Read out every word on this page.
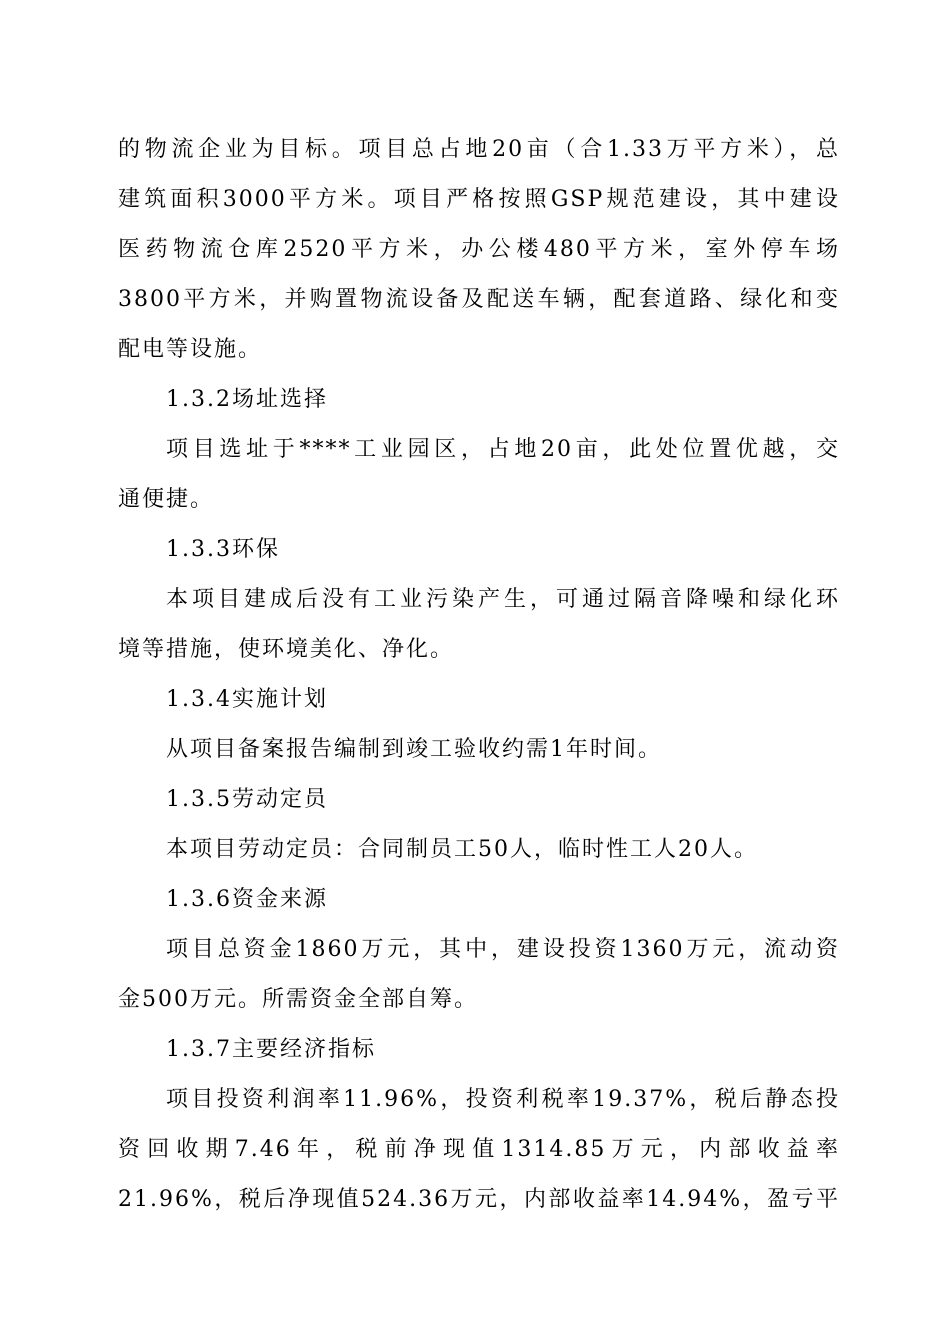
的物流企业为目标。项目总占地20亩（合1.33万平方米），总
建筑面积3000平方米。项目严格按照GSP规范建设，其中建设
医药物流仓库2520平方米，办公楼480平方米，室外停车场
3800平方米，并购置物流设备及配送车辆，配套道路、绿化和变
配电等设施。
1.3.2场址选择
项目选址于****工业园区，占地20亩，此处位置优越，交
通便捷。
1.3.3环保
本项目建成后没有工业污染产生，可通过隔音降噪和绿化环
境等措施，使环境美化、净化。
1.3.4实施计划
从项目备案报告编制到竣工验收约需1年时间。
1.3.5劳动定员
本项目劳动定员：合同制员工50人，临时性工人20人。
1.3.6资金来源
项目总资金1860万元，其中，建设投资1360万元，流动资
金500万元。所需资金全部自筹。
1.3.7主要经济指标
项目投资利润率11.96%，投资利税率19.37%，税后静态投
资回收期7.46年，税前净现值1314.85万元，内部收益率
21.96%，税后净现值524.36万元，内部收益率14.94%，盈亏平
